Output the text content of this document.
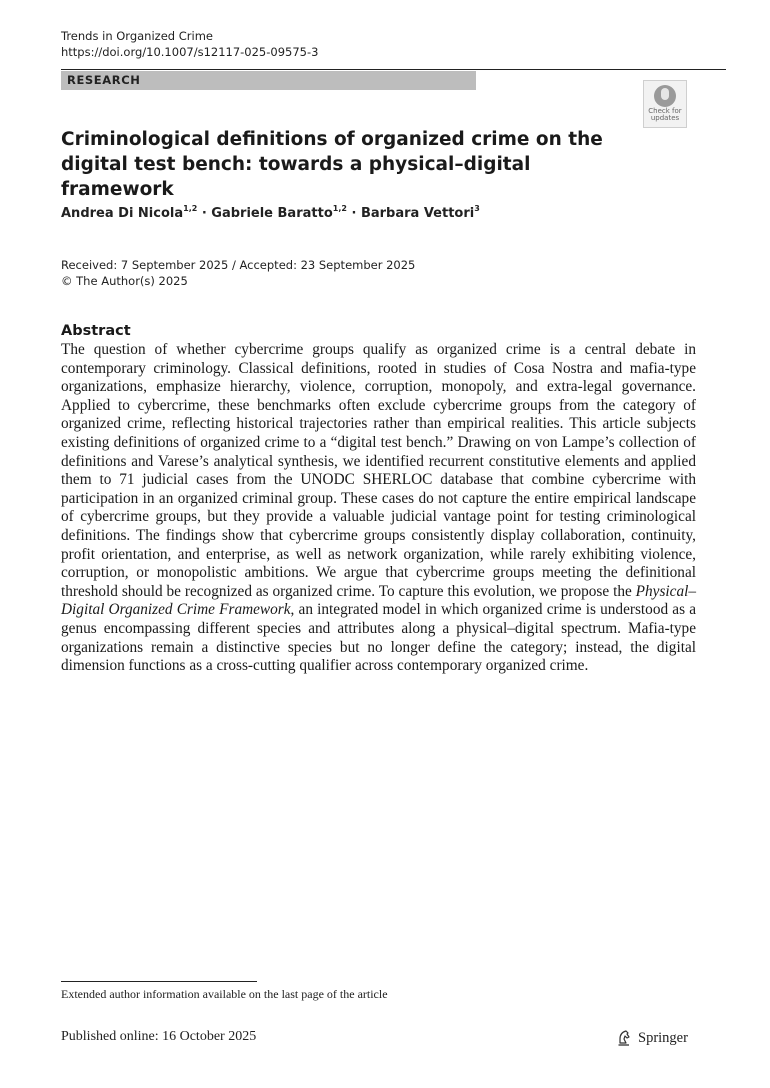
Trends in Organized Crime
https://doi.org/10.1007/s12117-025-09575-3
RESEARCH
Check for
updates
Criminological definitions of organized crime on the digital test bench: towards a physical–digital framework
Andrea Di Nicola$^{1,2}$ · Gabriele Baratto$^{1,2}$ · Barbara Vettori$^3$
Received: 7 September 2025 / Accepted: 23 September 2025
© The Author(s) 2025
Abstract
The question of whether cybercrime groups qualify as organized crime is a central debate in contemporary criminology. Classical definitions, rooted in studies of Cosa Nostra and mafia-type organizations, emphasize hierarchy, violence, corruption, monopoly, and extra-legal governance. Applied to cybercrime, these benchmarks often exclude cybercrime groups from the category of organized crime, reflecting historical trajectories rather than empirical realities. This article subjects existing definitions of organized crime to a “digital test bench.” Drawing on von Lampe’s collection of definitions and Varese’s analytical synthesis, we identified recurrent constitutive elements and applied them to 71 judicial cases from the UNODC SHERLOC database that combine cybercrime with participation in an organized criminal group. These cases do not capture the entire empirical landscape of cybercrime groups, but they provide a valuable judicial vantage point for testing criminological definitions. The findings show that cybercrime groups consistently display collaboration, continuity, profit orientation, and enterprise, as well as network organization, while rarely exhibiting violence, corruption, or monopolistic ambitions. We argue that cybercrime groups meeting the definitional threshold should be recognized as organized crime. To capture this evolution, we propose the Physical–Digital Organized Crime Framework, an integrated model in which organized crime is understood as a genus encompassing different species and attributes along a physical–digital spectrum. Mafia-type organizations remain a distinctive species but no longer define the category; instead, the digital dimension functions as a cross-cutting qualifier across contemporary organized crime.
Extended author information available on the last page of the article
Published online: 16 October 2025	Springer
